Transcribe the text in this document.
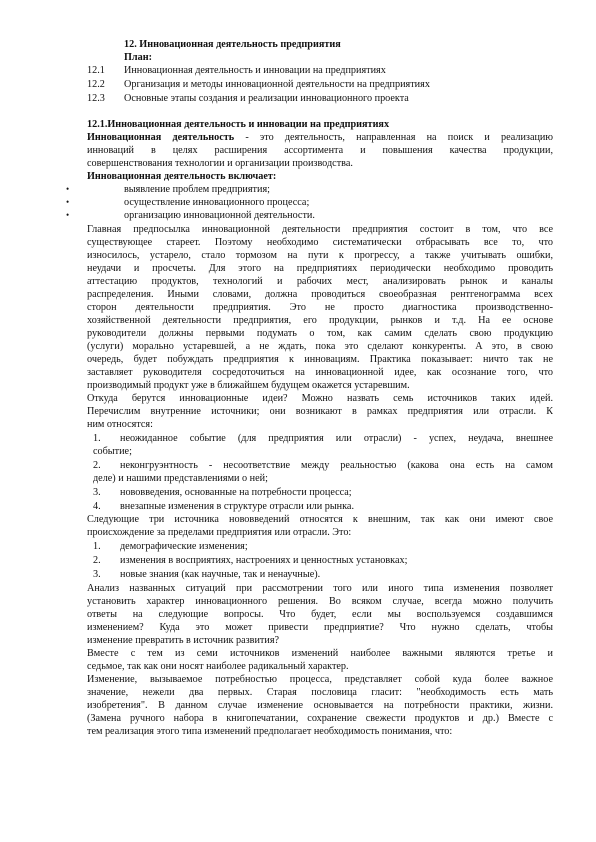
12. Инновационная деятельность предприятия
План:
12.1 Инновационная деятельность и инновации на предприятиях
12.2 Организация и методы инновационной деятельности на предприятиях
12.3 Основные этапы создания и реализации инновационного проекта
12.1.Инновационная деятельность и инновации на предприятиях
Инновационная деятельность - это деятельность, направленная на поиск и реализацию
инноваций в целях расширения ассортимента и повышения качества продукции,
совершенствования технологии и организации производства.
Инновационная деятельность включает:
•	выявление проблем предприятия;
•	осуществление инновационного процесса;
•	организацию инновационной деятельности.
Главная предпосылка инновационной деятельности предприятия состоит в том, что все
существующее стареет. Поэтому необходимо систематически отбрасывать все то, что
износилось, устарело, стало тормозом на пути к прогрессу, а также учитывать ошибки,
неудачи и просчеты. Для этого на предприятиях периодически необходимо проводить
аттестацию продуктов, технологий и рабочих мест, анализировать рынок и каналы
распределения. Иными словами, должна проводиться своеобразная рентгенограмма всех
сторон деятельности предприятия. Это не просто диагностика производственно-
хозяйственной деятельности предприятия, его продукции, рынков и т.д. На ее основе
руководители должны первыми подумать о том, как самим сделать свою продукцию
(услуги) морально устаревшей, а не ждать, пока это сделают конкуренты. А это, в свою
очередь, будет побуждать предприятия к инновациям. Практика показывает: ничто так не
заставляет руководителя сосредоточиться на инновационной идее, как осознание того, что
производимый продукт уже в ближайшем будущем окажется устаревшим.
Откуда берутся инновационные идеи? Можно назвать семь источников таких идей.
Перечислим внутренние источники; они возникают в рамках предприятия или отрасли. К
ним относятся:
1. неожиданное событие (для предприятия или отрасли) - успех, неудача, внешнее
событие;
2. неконгруэнтность - несоответствие между реальностью (какова она есть на самом
деле) и нашими представлениями о ней;
3. нововведения, основанные на потребности процесса;
4. внезапные изменения в структуре отрасли или рынка.
Следующие три источника нововведений относятся к внешним, так как они имеют свое
происхождение за пределами предприятия или отрасли. Это:
1. демографические изменения;
2. изменения в восприятиях, настроениях и ценностных установках;
3. новые знания (как научные, так и ненаучные).
Анализ названных ситуаций при рассмотрении того или иного типа изменения позволяет
установить характер инновационного решения. Во всяком случае, всегда можно получить
ответы на следующие вопросы. Что будет, если мы воспользуемся создавшимся
изменением? Куда это может привести предприятие? Что нужно сделать, чтобы
изменение превратить в источник развития?
Вместе с тем из семи источников изменений наиболее важными являются третье и
седьмое, так как они носят наиболее радикальный характер.
Изменение, вызываемое потребностью процесса, представляет собой куда более важное
значение, нежели два первых. Старая пословица гласит: "необходимость есть мать
изобретения". В данном случае изменение основывается на потребности практики, жизни.
(Замена ручного набора в книгопечатании, сохранение свежести продуктов и др.) Вместе с
тем реализация этого типа изменений предполагает необходимость понимания, что:
